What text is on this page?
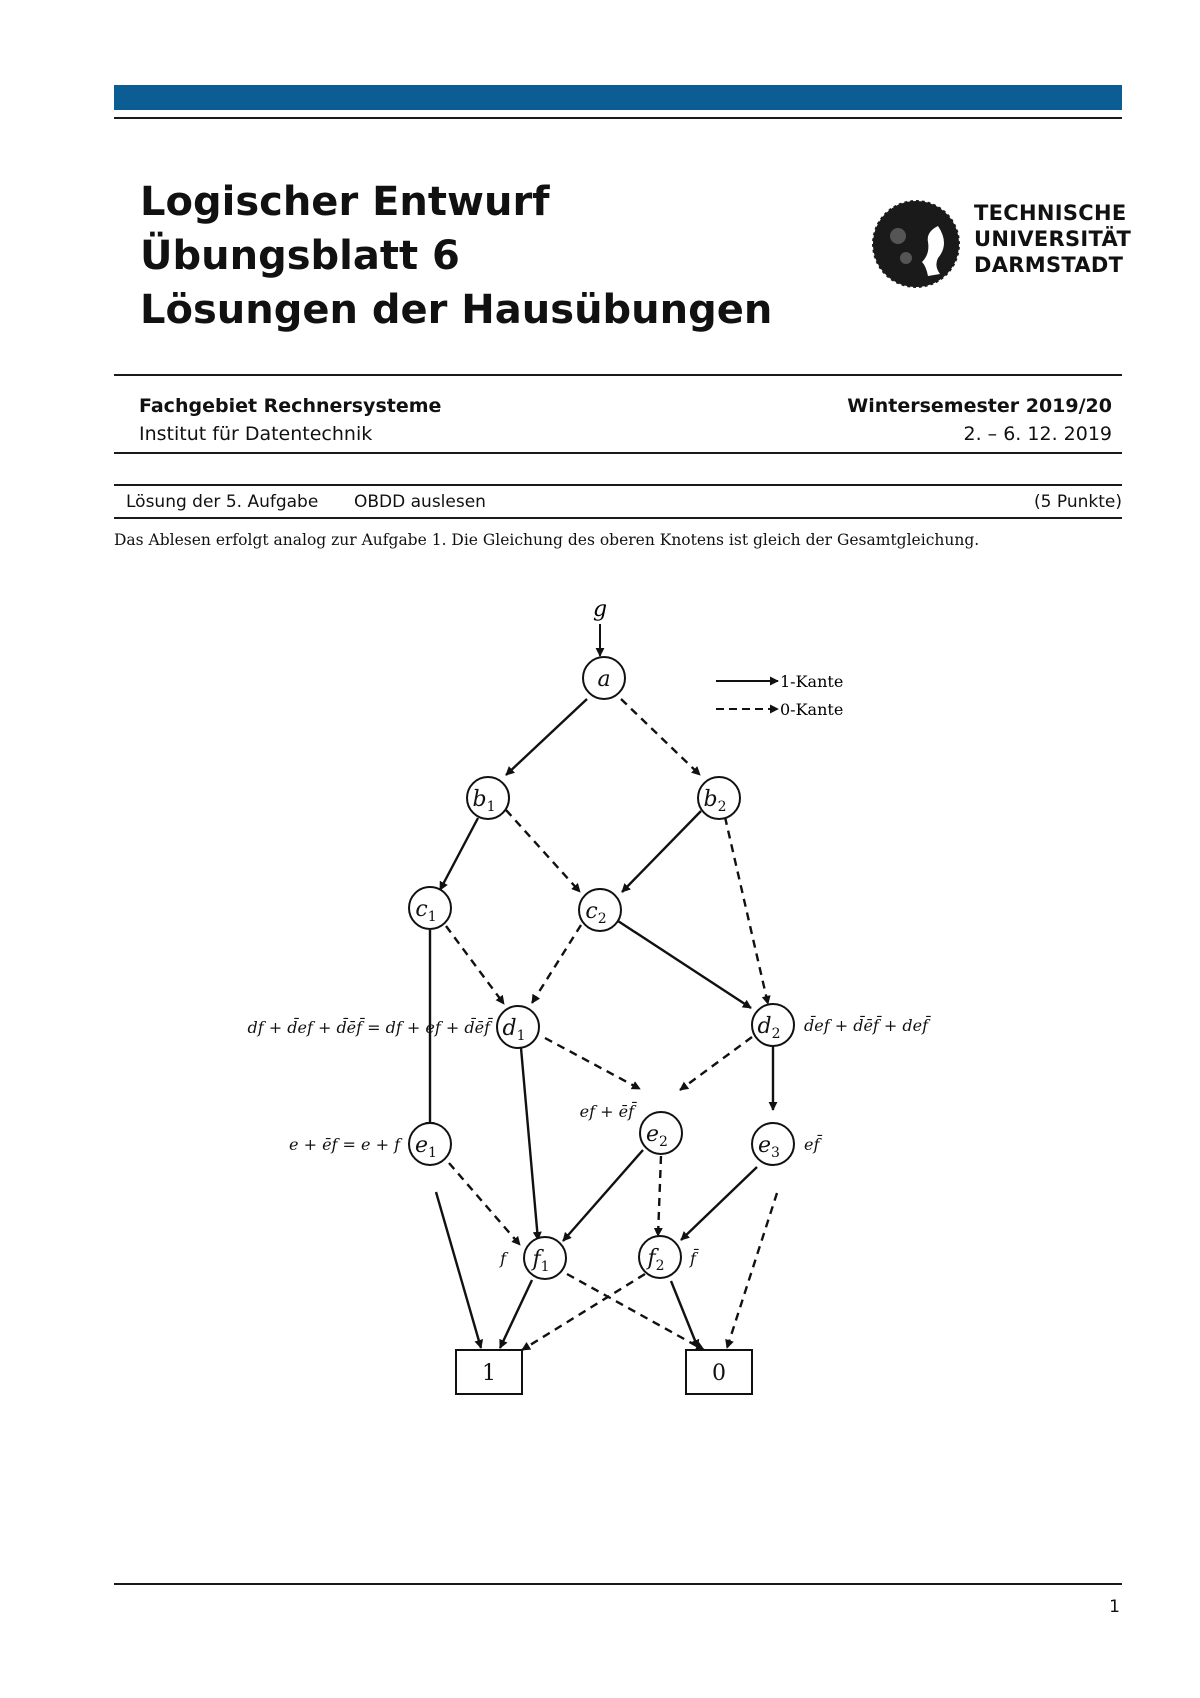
Logischer Entwurf
Übungsblatt 6
Lösungen der Hausübungen
TECHNISCHE
UNIVERSITÄT
DARMSTADT
Fachgebiet Rechnersysteme
Institut für Datentechnik
Wintersemester 2019/20
2. – 6. 12. 2019
Lösung der 5. Aufgabe OBDD auslesen	(5 Punkte)
Das Ablesen erfolgt analog zur Aufgabe 1. Die Gleichung des oberen Knotens ist gleich der Gesamtgleichung.
1-Kante
0-Kante
g
a
$b_1$	$b_2$
$c_1$	$c_2$
$d_1$	$d_2$
$e_1$
$e_2$	$e_3$
$f_1$	$f_2$
1	0
df + d̄ef + d̄ēf̄ = df + ef + d̄ēf̄	d̄ef + d̄ēf̄ + def̄
ef + ēf̄
e + ēf = e + f	ef̄
f	f̄
1
